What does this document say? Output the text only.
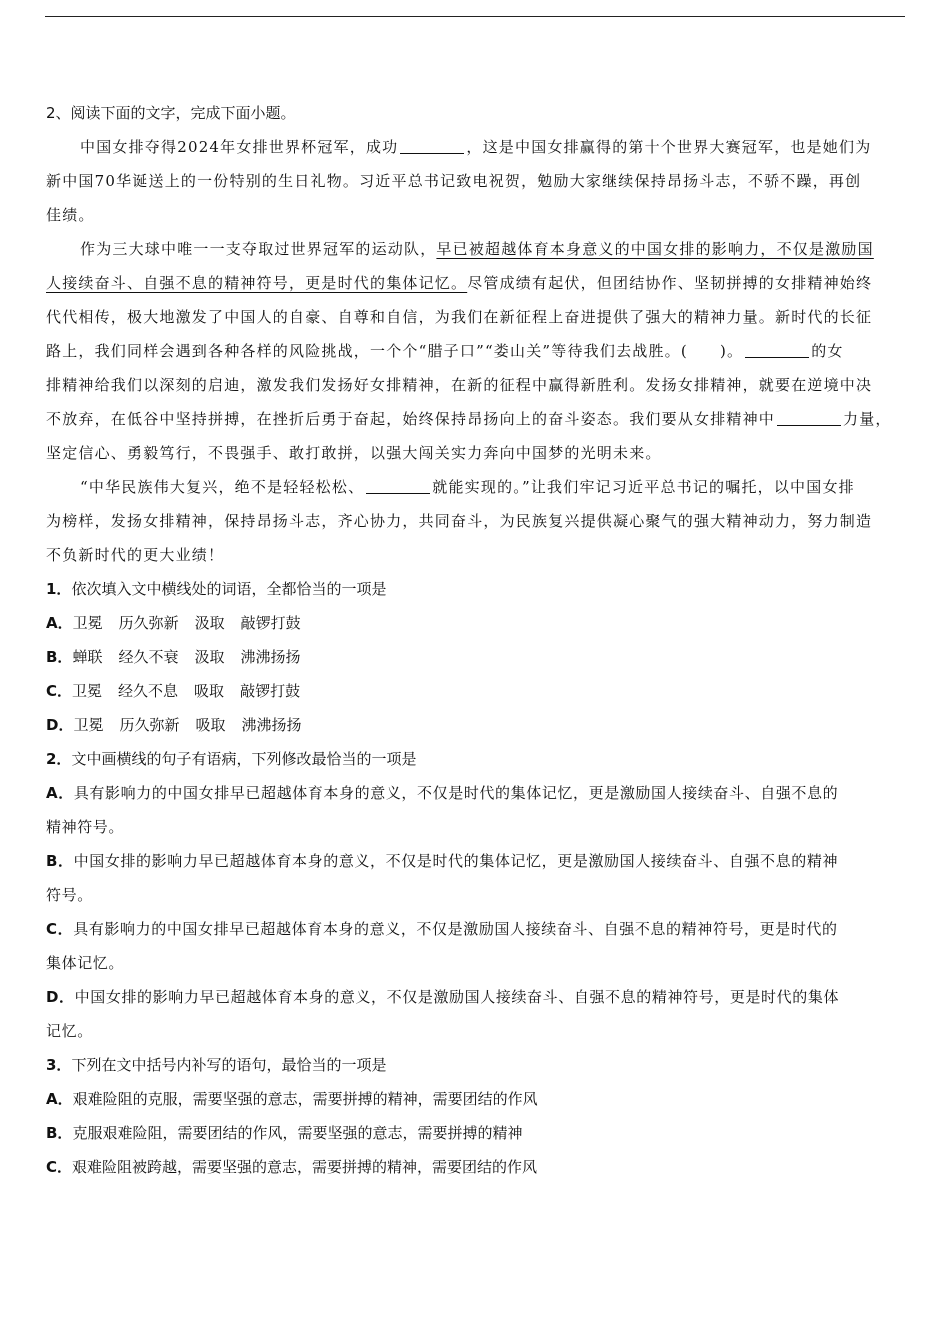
2、阅读下面的文字，完成下面小题。
中国女排夺得2024年女排世界杯冠军，成功	，这是中国女排赢得的第十个世界大赛冠军，也是她们为
新中国70华诞送上的一份特别的生日礼物。习近平总书记致电祝贺，勉励大家继续保持昂扬斗志，不骄不躁，再创
佳绩。
作为三大球中唯一一支夺取过世界冠军的运动队，早已被超越体育本身意义的中国女排的影响力，不仅是激励国
人接续奋斗、自强不息的精神符号，更是时代的集体记忆。尽管成绩有起伏，但团结协作、坚韧拼搏的女排精神始终
代代相传，极大地激发了中国人的自豪、自尊和自信，为我们在新征程上奋进提供了强大的精神力量。新时代的长征
路上，我们同样会遇到各种各样的风险挑战，一个个“腊子口”“娄山关”等待我们去战胜。( )。	的女
排精神给我们以深刻的启迪，激发我们发扬好女排精神，在新的征程中赢得新胜利。发扬女排精神，就要在逆境中决
不放弃，在低谷中坚持拼搏，在挫折后勇于奋起，始终保持昂扬向上的奋斗姿态。我们要从女排精神中	力量，
坚定信心、勇毅笃行，不畏强手、敢打敢拼，以强大闯关实力奔向中国梦的光明未来。
“中华民族伟大复兴，绝不是轻轻松松、	就能实现的。”让我们牢记习近平总书记的嘱托，以中国女排
为榜样，发扬女排精神，保持昂扬斗志，齐心协力，共同奋斗，为民族复兴提供凝心聚气的强大精神动力，努力制造
不负新时代的更大业绩！
1．依次填入文中横线处的词语，全都恰当的一项是
A．卫冕 历久弥新 汲取 敲锣打鼓
B．蝉联 经久不衰 汲取 沸沸扬扬
C．卫冕 经久不息 吸取 敲锣打鼓
D．卫冕 历久弥新 吸取 沸沸扬扬
2．文中画横线的句子有语病，下列修改最恰当的一项是
A．具有影响力的中国女排早已超越体育本身的意义，不仅是时代的集体记忆，更是激励国人接续奋斗、自强不息的
精神符号。
B．中国女排的影响力早已超越体育本身的意义，不仅是时代的集体记忆，更是激励国人接续奋斗、自强不息的精神
符号。
C．具有影响力的中国女排早已超越体育本身的意义，不仅是激励国人接续奋斗、自强不息的精神符号，更是时代的
集体记忆。
D．中国女排的影响力早已超越体育本身的意义，不仅是激励国人接续奋斗、自强不息的精神符号，更是时代的集体
记忆。
3．下列在文中括号内补写的语句，最恰当的一项是
A．艰难险阻的克服，需要坚强的意志，需要拼搏的精神，需要团结的作风
B．克服艰难险阻，需要团结的作风，需要坚强的意志，需要拼搏的精神
C．艰难险阻被跨越，需要坚强的意志，需要拼搏的精神，需要团结的作风
